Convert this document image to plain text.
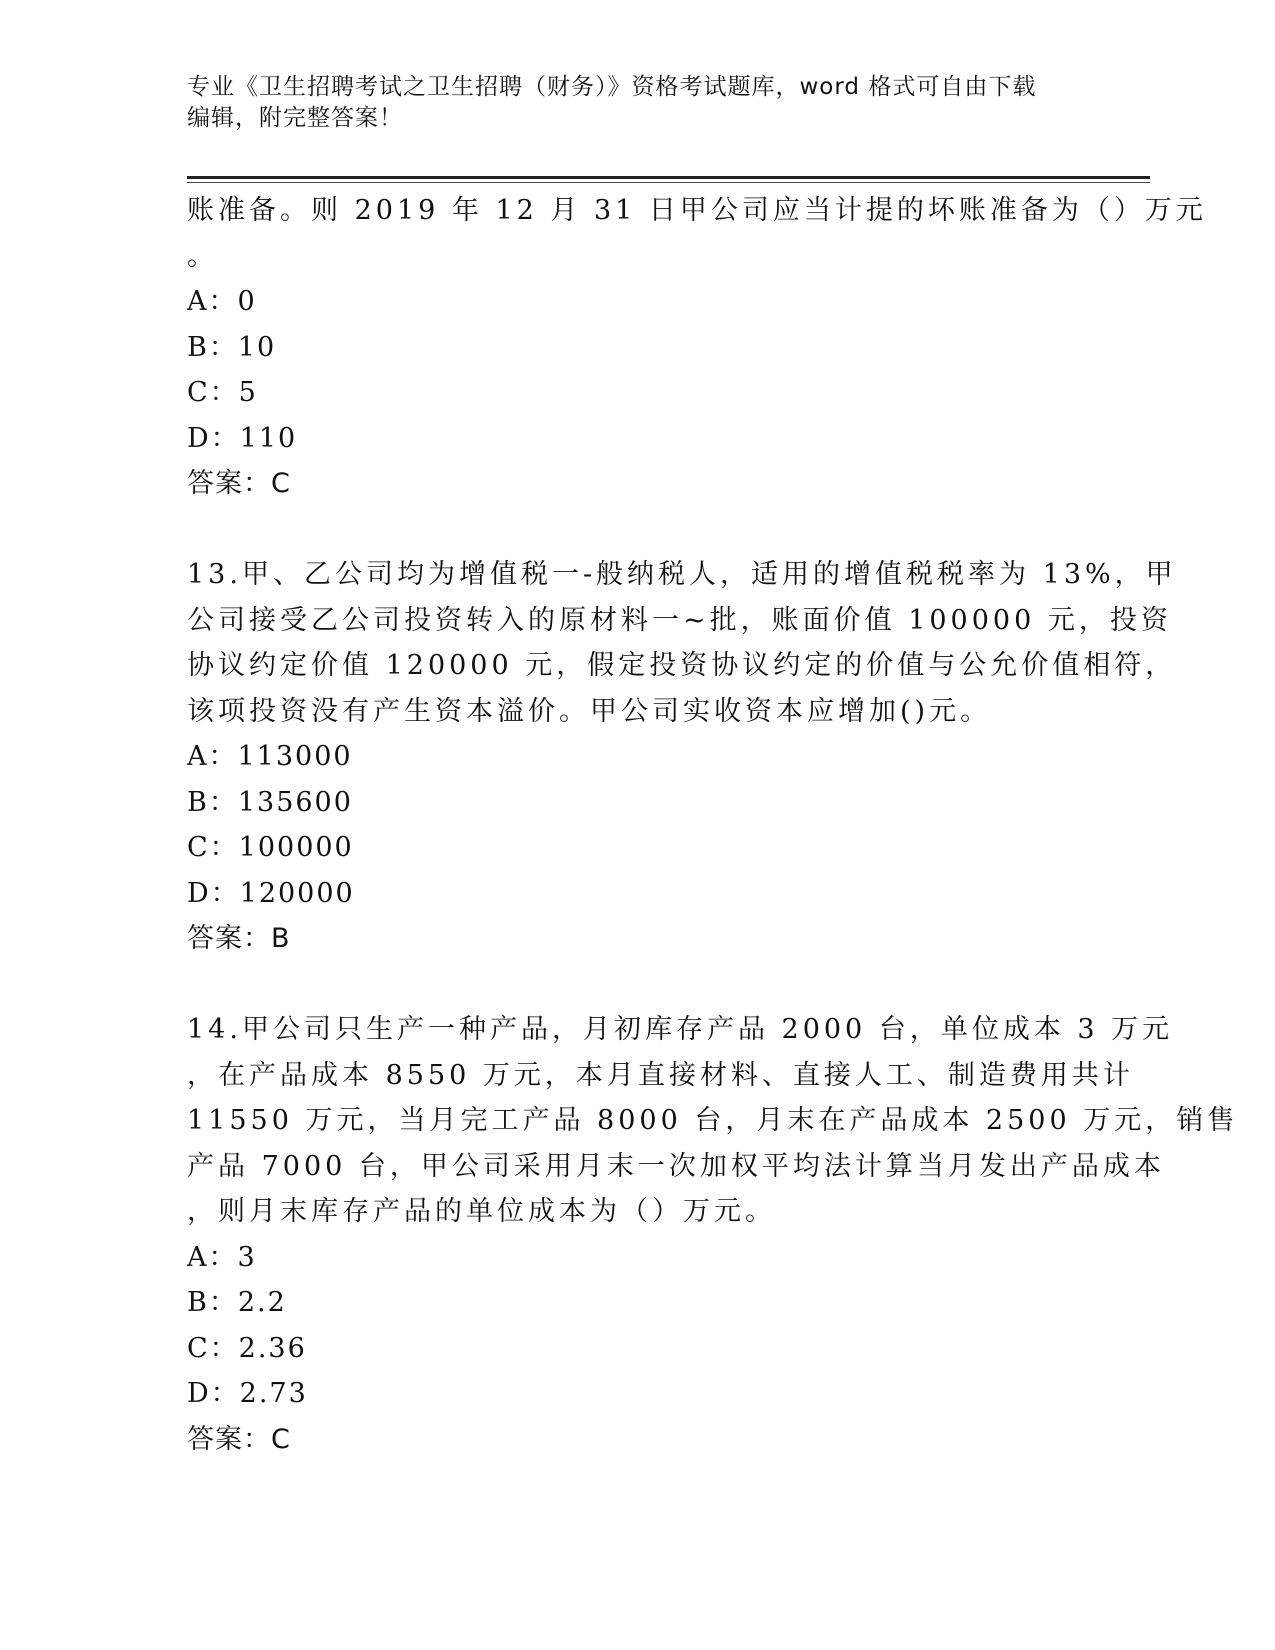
专业《卫生招聘考试之卫生招聘（财务）》资格考试题库，word 格式可自由下载
编辑，附完整答案！
账准备。则 2019 年 12 月 31 日甲公司应当计提的坏账准备为（）万元
。
A：0
B：10
C：5
D：110
答案：C
13.甲、乙公司均为增值税一-般纳税人，适用的增值税税率为 13%，甲
公司接受乙公司投资转入的原材料一~批，账面价值 100000 元，投资
协议约定价值 120000 元，假定投资协议约定的价值与公允价值相符，
该项投资没有产生资本溢价。甲公司实收资本应增加()元。
A：113000
B：135600
C：100000
D：120000
答案：B
14.甲公司只生产一种产品，月初库存产品 2000 台，单位成本 3 万元
，在产品成本 8550 万元，本月直接材料、直接人工、制造费用共计
11550 万元，当月完工产品 8000 台，月末在产品成本 2500 万元，销售
产品 7000 台，甲公司采用月末一次加权平均法计算当月发出产品成本
，则月末库存产品的单位成本为（）万元。
A：3
B：2.2
C：2.36
D：2.73
答案：C
